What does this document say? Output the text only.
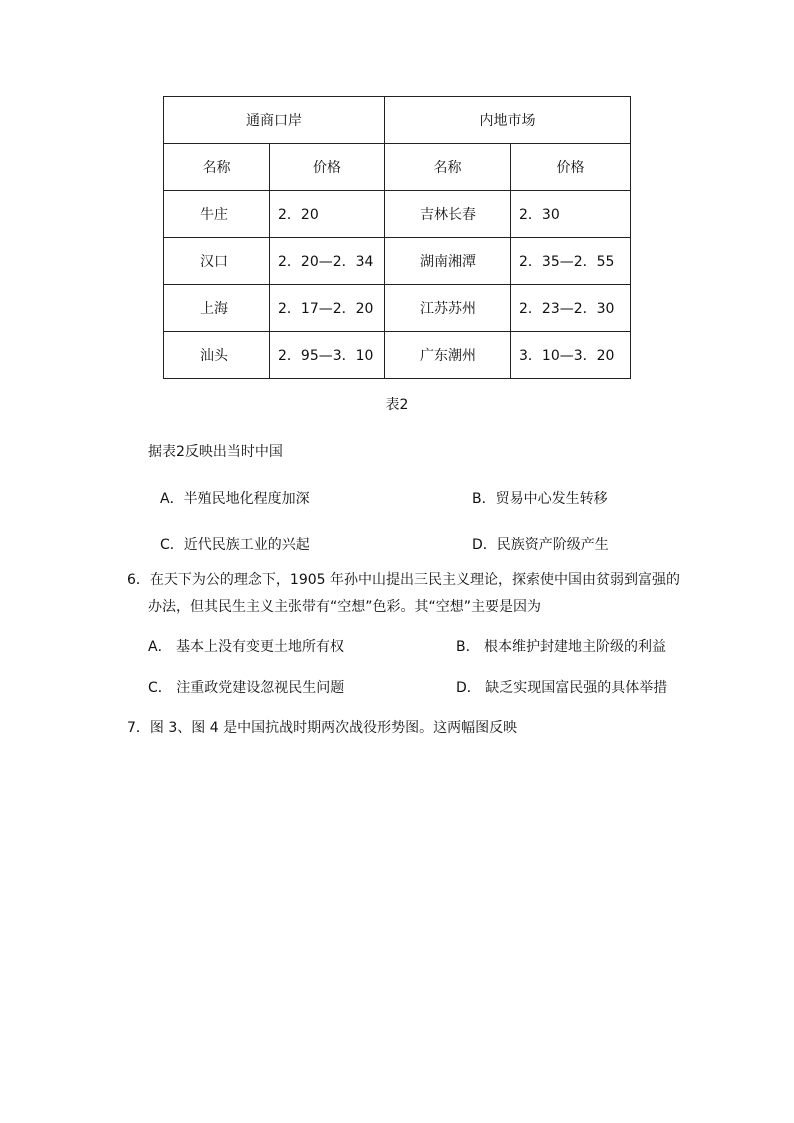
通商口岸		内地市场	
名称	价格	名称	价格
牛庄	2．20	吉林长春	2．30
汉口	2．20—2．34	湖南湘潭	2．35—2．55
上海	2．17—2．20	江苏苏州	2．23—2．30
汕头	2．95—3．10	广东潮州	3．10—3．20
表2
据表2反映出当时中国
A．半殖民地化程度加深	B．贸易中心发生转移
C．近代民族工业的兴起	D．民族资产阶级产生
6．在天下为公的理念下，1905 年孙中山提出三民主义理论，探索使中国由贫弱到富强的
办法，但其民生主义主张带有“空想”色彩。其“空想”主要是因为
A． 基本上没有变更土地所有权	B． 根本维护封建地主阶级的利益
C． 注重政党建设忽视民生问题	D． 缺乏实现国富民强的具体举措
7．图 3、图 4 是中国抗战时期两次战役形势图。这两幅图反映
